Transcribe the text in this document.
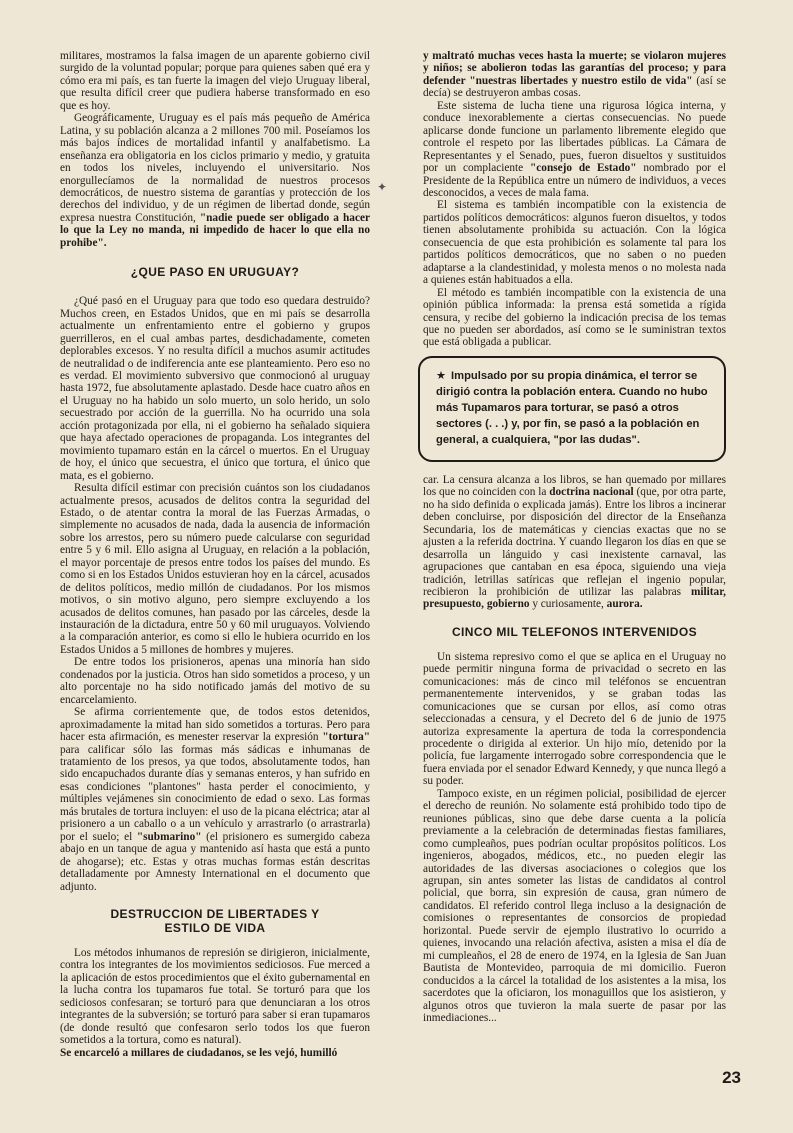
✦

militares, mostramos la falsa imagen de un aparente gobierno civil surgido de la voluntad popular; porque para quienes saben qué era y cómo era mi país, es tan fuerte la imagen del viejo Uruguay liberal, que resulta difícil creer que pudiera haberse transformado en eso que es hoy.

Geográficamente, Uruguay es el país más pequeño de América Latina, y su población alcanza a 2 millones 700 mil. Poseíamos los más bajos índices de mortalidad infantil y analfabetismo. La enseñanza era obligatoria en los ciclos primario y medio, y gratuita en todos los niveles, incluyendo el universitario. Nos enorgullecíamos de la normalidad de nuestros procesos democráticos, de nuestro sistema de garantías y protección de los derechos del individuo, y de un régimen de libertad donde, según expresa nuestra Constitución, "nadie puede ser obligado a hacer lo que la Ley no manda, ni impedido de hacer lo que ella no prohibe".

¿QUE PASO EN URUGUAY?

¿Qué pasó en el Uruguay para que todo eso quedara destruido? Muchos creen, en Estados Unidos, que en mi país se desarrolla actualmente un enfrentamiento entre el gobierno y grupos guerrilleros, en el cual ambas partes, desdichadamente, cometen deplorables excesos. Y no resulta difícil a muchos asumir actitudes de neutralidad o de indiferencia ante ese planteamiento. Pero eso no es verdad. El movimiento subversivo que conmocionó al uruguay hasta 1972, fue absolutamente aplastado. Desde hace cuatro años en el Uruguay no ha habido un solo muerto, un solo herido, un solo secuestrado por acción de la guerrilla. No ha ocurrido una sola acción protagonizada por ella, ni el gobierno ha señalado siquiera que haya afectado operaciones de propaganda. Los integrantes del movimiento tupamaro están en la cárcel o muertos. En el Uruguay de hoy, el único que secuestra, el único que tortura, el único que mata, es el gobierno.

Resulta difícil estimar con precisión cuántos son los ciudadanos actualmente presos, acusados de delitos contra la seguridad del Estado, o de atentar contra la moral de las Fuerzas Armadas, o simplemente no acusados de nada, dada la ausencia de información sobre los arrestos, pero su número puede calcularse con seguridad entre 5 y 6 mil. Ello asigna al Uruguay, en relación a la población, el mayor porcentaje de presos entre todos los países del mundo. Es como si en los Estados Unidos estuvieran hoy en la cárcel, acusados de delitos políticos, medio millón de ciudadanos. Por los mismos motivos, o sin motivo alguno, pero siempre excluyendo a los acusados de delitos comunes, han pasado por las cárceles, desde la instauración de la dictadura, entre 50 y 60 mil uruguayos. Volviendo a la comparación anterior, es como si ello le hubiera ocurrido en los Estados Unidos a 5 millones de hombres y mujeres.

De entre todos los prisioneros, apenas una minoría han sido condenados por la justicia. Otros han sido sometidos a proceso, y un alto porcentaje no ha sido notificado jamás del motivo de su encarcelamiento.

Se afirma corrientemente que, de todos estos detenidos, aproximadamente la mitad han sido sometidos a torturas. Pero para hacer esta afirmación, es menester reservar la expresión "tortura" para calificar sólo las formas más sádicas e inhumanas de tratamiento de los presos, ya que todos, absolutamente todos, han sido encapuchados durante días y semanas enteros, y han sufrido en esas condiciones "plantones" hasta perder el conocimiento, y múltiples vejámenes sin conocimiento de edad o sexo. Las formas más brutales de tortura incluyen: el uso de la picana eléctrica; atar al prisionero a un caballo o a un vehículo y arrastrarlo (o arrastrarla) por el suelo; el "submarino" (el prisionero es sumergido cabeza abajo en un tanque de agua y mantenido así hasta que está a punto de ahogarse); etc. Estas y otras muchas formas están descritas detalladamente por Amnesty International en el documento que adjunto.

DESTRUCCION DE LIBERTADES Y
ESTILO DE VIDA

Los métodos inhumanos de represión se dirigieron, inicialmente, contra los integrantes de los movimientos sediciosos. Fue merced a la aplicación de estos procedimientos que el éxito gubernamental en la lucha contra los tupamaros fue total. Se torturó para que los sediciosos confesaran; se torturó para que denunciaran a los otros integrantes de la subversión; se torturó para saber si eran tupamaros (de donde resultó que confesaron serlo todos los que fueron sometidos a la tortura, como es natural).

Se encarceló a millares de ciudadanos, se les vejó, humilló

y maltrató muchas veces hasta la muerte; se violaron mujeres y niños; se abolieron todas las garantías del proceso; y para defender "nuestras libertades y nuestro estilo de vida" (así se decía) se destruyeron ambas cosas.

Este sistema de lucha tiene una rigurosa lógica interna, y conduce inexorablemente a ciertas consecuencias. No puede aplicarse donde funcione un parlamento libremente elegido que controle el respeto por las libertades públicas. La Cámara de Representantes y el Senado, pues, fueron disueltos y sustituidos por un complaciente "consejo de Estado" nombrado por el Presidente de la República entre un número de individuos, a veces desconocidos, a veces de mala fama.

El sistema es también incompatible con la existencia de partidos políticos democráticos: algunos fueron disueltos, y todos tienen absolutamente prohibida su actuación. Con la lógica consecuencia de que esta prohibición es solamente tal para los partidos políticos democráticos, que no saben o no pueden adaptarse a la clandestinidad, y molesta menos o no molesta nada a quienes están habituados a ella.

El método es también incompatible con la existencia de una opinión pública informada: la prensa está sometida a rígida censura, y recibe del gobierno la indicación precisa de los temas que no pueden ser abordados, así como se le suministran textos que está obligada a publicar.

★ Impulsado por su propia dinámica, el terror se dirigió contra la población entera. Cuando no hubo más Tupamaros para torturar, se pasó a otros sectores (. . .) y, por fin, se pasó a la población en general, a cualquiera, "por las dudas".

car. La censura alcanza a los libros, se han quemado por millares los que no coinciden con la doctrina nacional (que, por otra parte, no ha sido definida o explicada jamás). Entre los libros a incinerar deben concluirse, por disposición del director de la Enseñanza Secundaria, los de matemáticas y ciencias exactas que no se ajusten a la referida doctrina. Y cuando llegaron los días en que se desarrolla un lánguido y casi inexistente carnaval, las agrupaciones que cantaban en esa época, siguiendo una vieja tradición, letrillas satíricas que reflejan el ingenio popular, recibieron la prohibición de utilizar las palabras militar, presupuesto, gobierno y curiosamente, aurora.

CINCO MIL TELEFONOS INTERVENIDOS

Un sistema represivo como el que se aplica en el Uruguay no puede permitir ninguna forma de privacidad o secreto en las comunicaciones: más de cinco mil teléfonos se encuentran permanentemente intervenidos, y se graban todas las comunicaciones que se cursan por ellos, así como otras seleccionadas a censura, y el Decreto del 6 de junio de 1975 autoriza expresamente la apertura de toda la correspondencia procedente o dirigida al exterior. Un hijo mío, detenido por la policía, fue largamente interrogado sobre correspondencia que le fuera enviada por el senador Edward Kennedy, y que nunca llegó a su poder.

Tampoco existe, en un régimen policial, posibilidad de ejercer el derecho de reunión. No solamente está prohibido todo tipo de reuniones públicas, sino que debe darse cuenta a la policía previamente a la celebración de determinadas fiestas familiares, como cumpleaños, pues podrían ocultar propósitos políticos. Los ingenieros, abogados, médicos, etc., no pueden elegir las autoridades de las diversas asociaciones o colegios que los agrupan, sin antes someter las listas de candidatos al control policial, que borra, sin expresión de causa, gran número de candidatos. El referido control llega incluso a la designación de comisiones o representantes de consorcios de propiedad horizontal. Puede servir de ejemplo ilustrativo lo ocurrido a quienes, invocando una relación afectiva, asisten a misa el día de mi cumpleaños, el 28 de enero de 1974, en la Iglesia de San Juan Bautista de Montevideo, parroquia de mi domicilio. Fueron conducidos a la cárcel la totalidad de los asistentes a la misa, los sacerdotes que la oficiaron, los monaguillos que los asistieron, y algunos otros que tuvieron la mala suerte de pasar por las inmediaciones...

23
